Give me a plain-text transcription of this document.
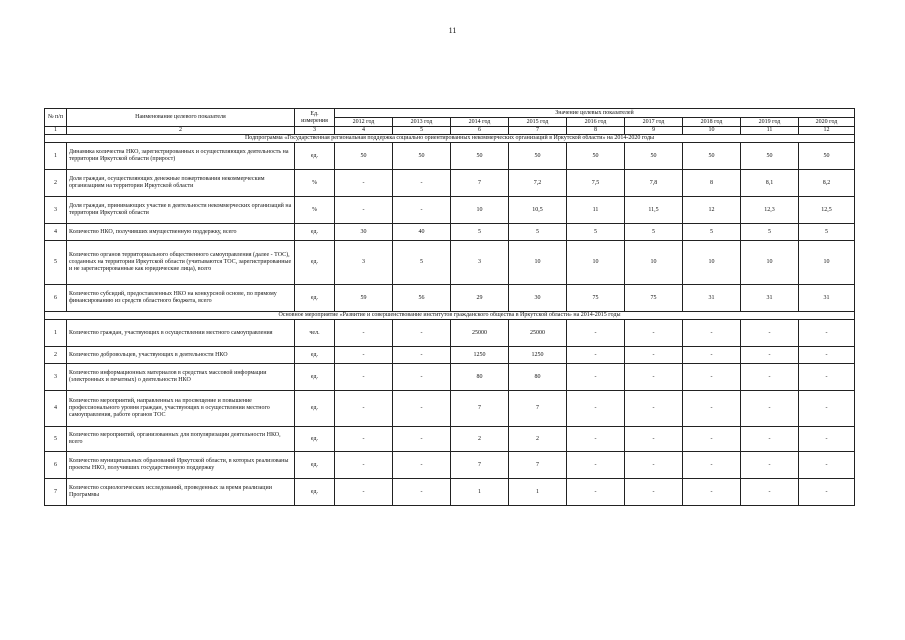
11
№ п/п	Наименование целевого показателя	Ед. измерения	Значение целевых показателей								
			2012 год	2013 год	2014 год	2015 год	2016 год	2017 год	2018 год	2019 год	2020 год
1	2	3	4	5	6	7	8	9	10	11	12
Подпрограмма «Государственная региональная поддержка социально ориентированных некоммерческих организаций в Иркутской области» на 2014-2020 годы											
1	Динамика количества НКО, зарегистрированных и осуществляющих деятельность на территории Иркутской области (прирост)	ед.	50	50	50	50	50	50	50	50	50
2	Доля граждан, осуществляющих денежные пожертвования некоммерческим организациям на территории Иркутской области	%	-	-	7	7,2	7,5	7,8	8	8,1	8,2
3	Доля граждан, принимающих участие в деятельности некоммерческих организаций на территории Иркутской области	%	-	-	10	10,5	11	11,5	12	12,3	12,5
4	Количество НКО, получивших имущественную поддержку, всего	ед.	30	40	5	5	5	5	5	5	5
5	Количество органов территориального общественного самоуправления (далее - ТОС), созданных на территории Иркутской области (учитываются ТОС, зарегистрированные и не зарегистрированные как юридические лица), всего	ед.	3	5	3	10	10	10	10	10	10
6	Количество субсидий, предоставленных НКО на конкурсной основе, по прямому финансированию из средств областного бюджета, всего	ед.	59	56	29	30	75	75	31	31	31
Основное мероприятие «Развитие и совершенствование институтов гражданского общества в Иркутской области» на 2014-2015 годы											
1	Количество граждан, участвующих в осуществлении местного самоуправления	чел.	-	-	25000	25000	-	-	-	-	-
2	Количество добровольцев, участвующих в деятельности НКО	ед.	-	-	1250	1250	-	-	-	-	-
3	Количество информационных материалов в средствах массовой информации (электронных и печатных) о деятельности НКО	ед.	-	-	80	80	-	-	-	-	-
4	Количество мероприятий, направленных на просвещение и повышение профессионального уровня граждан, участвующих в осуществлении местного самоуправления, работе органов ТОС	ед.	-	-	7	7	-	-	-	-	-
5	Количество мероприятий, организованных для популяризации деятельности НКО, всего	ед.	-	-	2	2	-	-	-	-	-
6	Количество муниципальных образований Иркутской области, в которых реализованы проекты НКО, получивших государственную поддержку	ед.	-	-	7	7	-	-	-	-	-
7	Количество социологических исследований, проведенных за время реализации Программы	ед.	-	-	1	1	-	-	-	-	-
